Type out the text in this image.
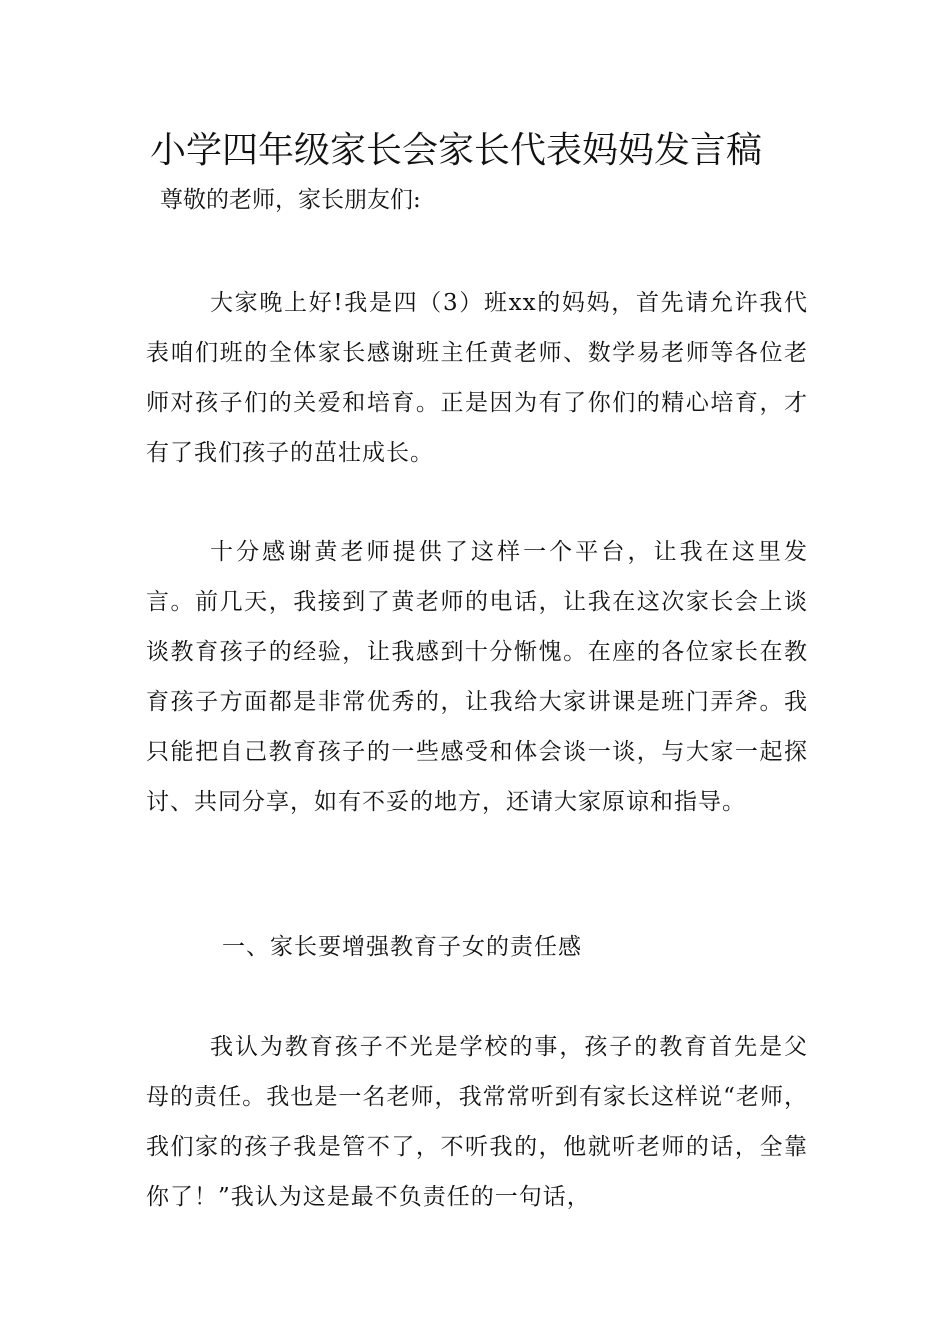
小学四年级家长会家长代表妈妈发言稿
尊敬的老师，家长朋友们:

大家晚上好!我是四（3）班xx的妈妈，首先请允许我代表咱们班的全体家长感谢班主任黄老师、数学易老师等各位老师对孩子们的关爱和培育。正是因为有了你们的精心培育，才有了我们孩子的茁壮成长。

十分感谢黄老师提供了这样一个平台，让我在这里发言。前几天，我接到了黄老师的电话，让我在这次家长会上谈谈教育孩子的经验，让我感到十分惭愧。在座的各位家长在教育孩子方面都是非常优秀的，让我给大家讲课是班门弄斧。我只能把自己教育孩子的一些感受和体会谈一谈，与大家一起探讨、共同分享，如有不妥的地方，还请大家原谅和指导。

一、家长要增强教育子女的责任感

我认为教育孩子不光是学校的事，孩子的教育首先是父母的责任。我也是一名老师，我常常听到有家长这样说“老师，我们家的孩子我是管不了，不听我的，他就听老师的话，全靠你了！”我认为这是最不负责任的一句话，
